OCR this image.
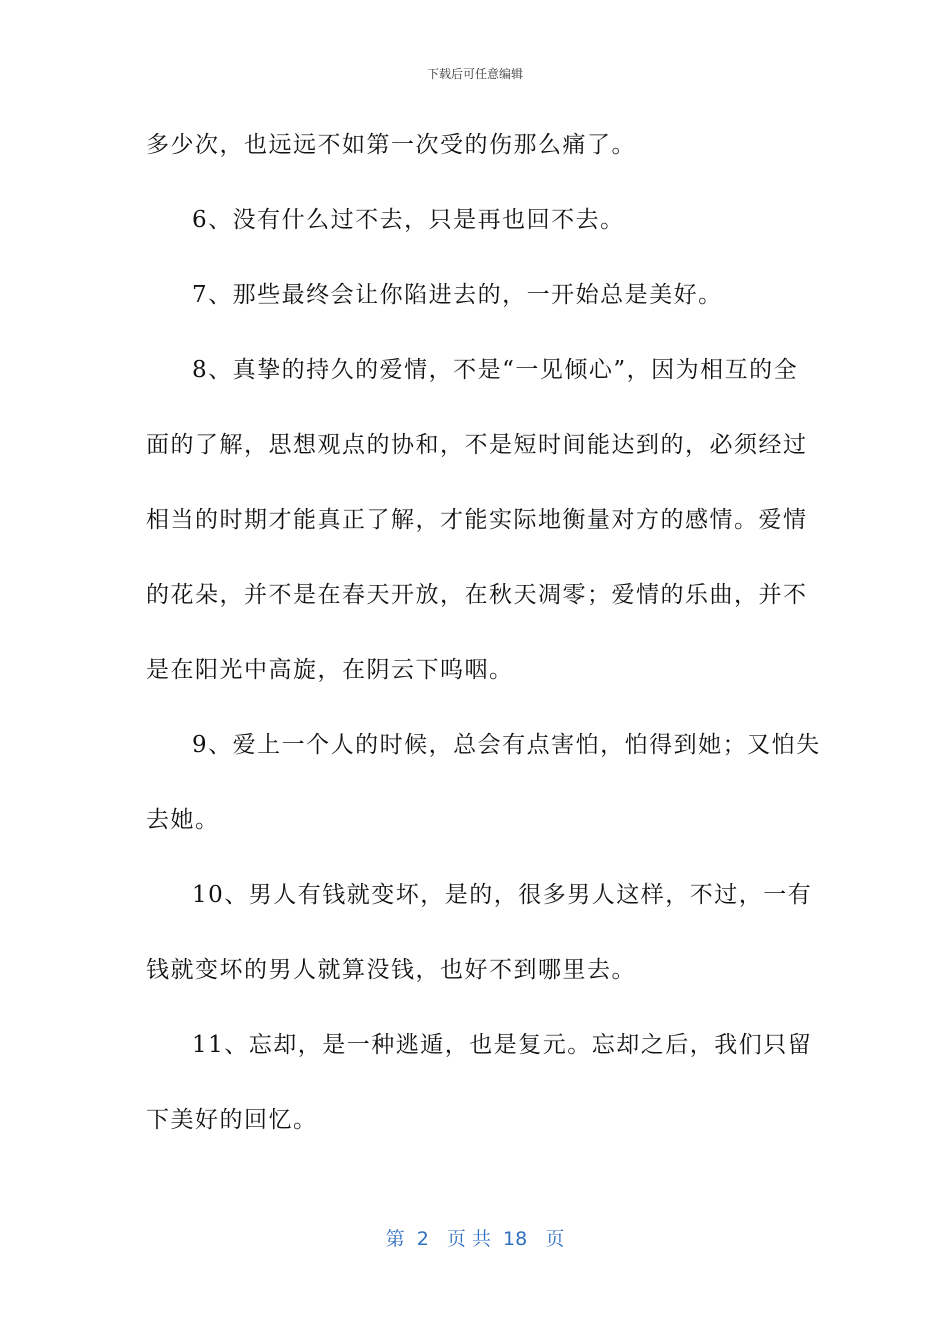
下载后可任意编辑
多少次，也远远不如第一次受的伤那么痛了。
6、没有什么过不去，只是再也回不去。
7、那些最终会让你陷进去的，一开始总是美好。
8、真挚的持久的爱情，不是“一见倾心”，因为相互的全
面的了解，思想观点的协和，不是短时间能达到的，必须经过
相当的时期才能真正了解，才能实际地衡量对方的感情。爱情
的花朵，并不是在春天开放，在秋天凋零；爱情的乐曲，并不
是在阳光中高旋，在阴云下呜咽。
9、爱上一个人的时候，总会有点害怕，怕得到她；又怕失
去她。
10、男人有钱就变坏，是的，很多男人这样，不过，一有
钱就变坏的男人就算没钱，也好不到哪里去。
11、忘却，是一种逃遁，也是复元。忘却之后，我们只留
下美好的回忆。
第  2   页 共  18   页
